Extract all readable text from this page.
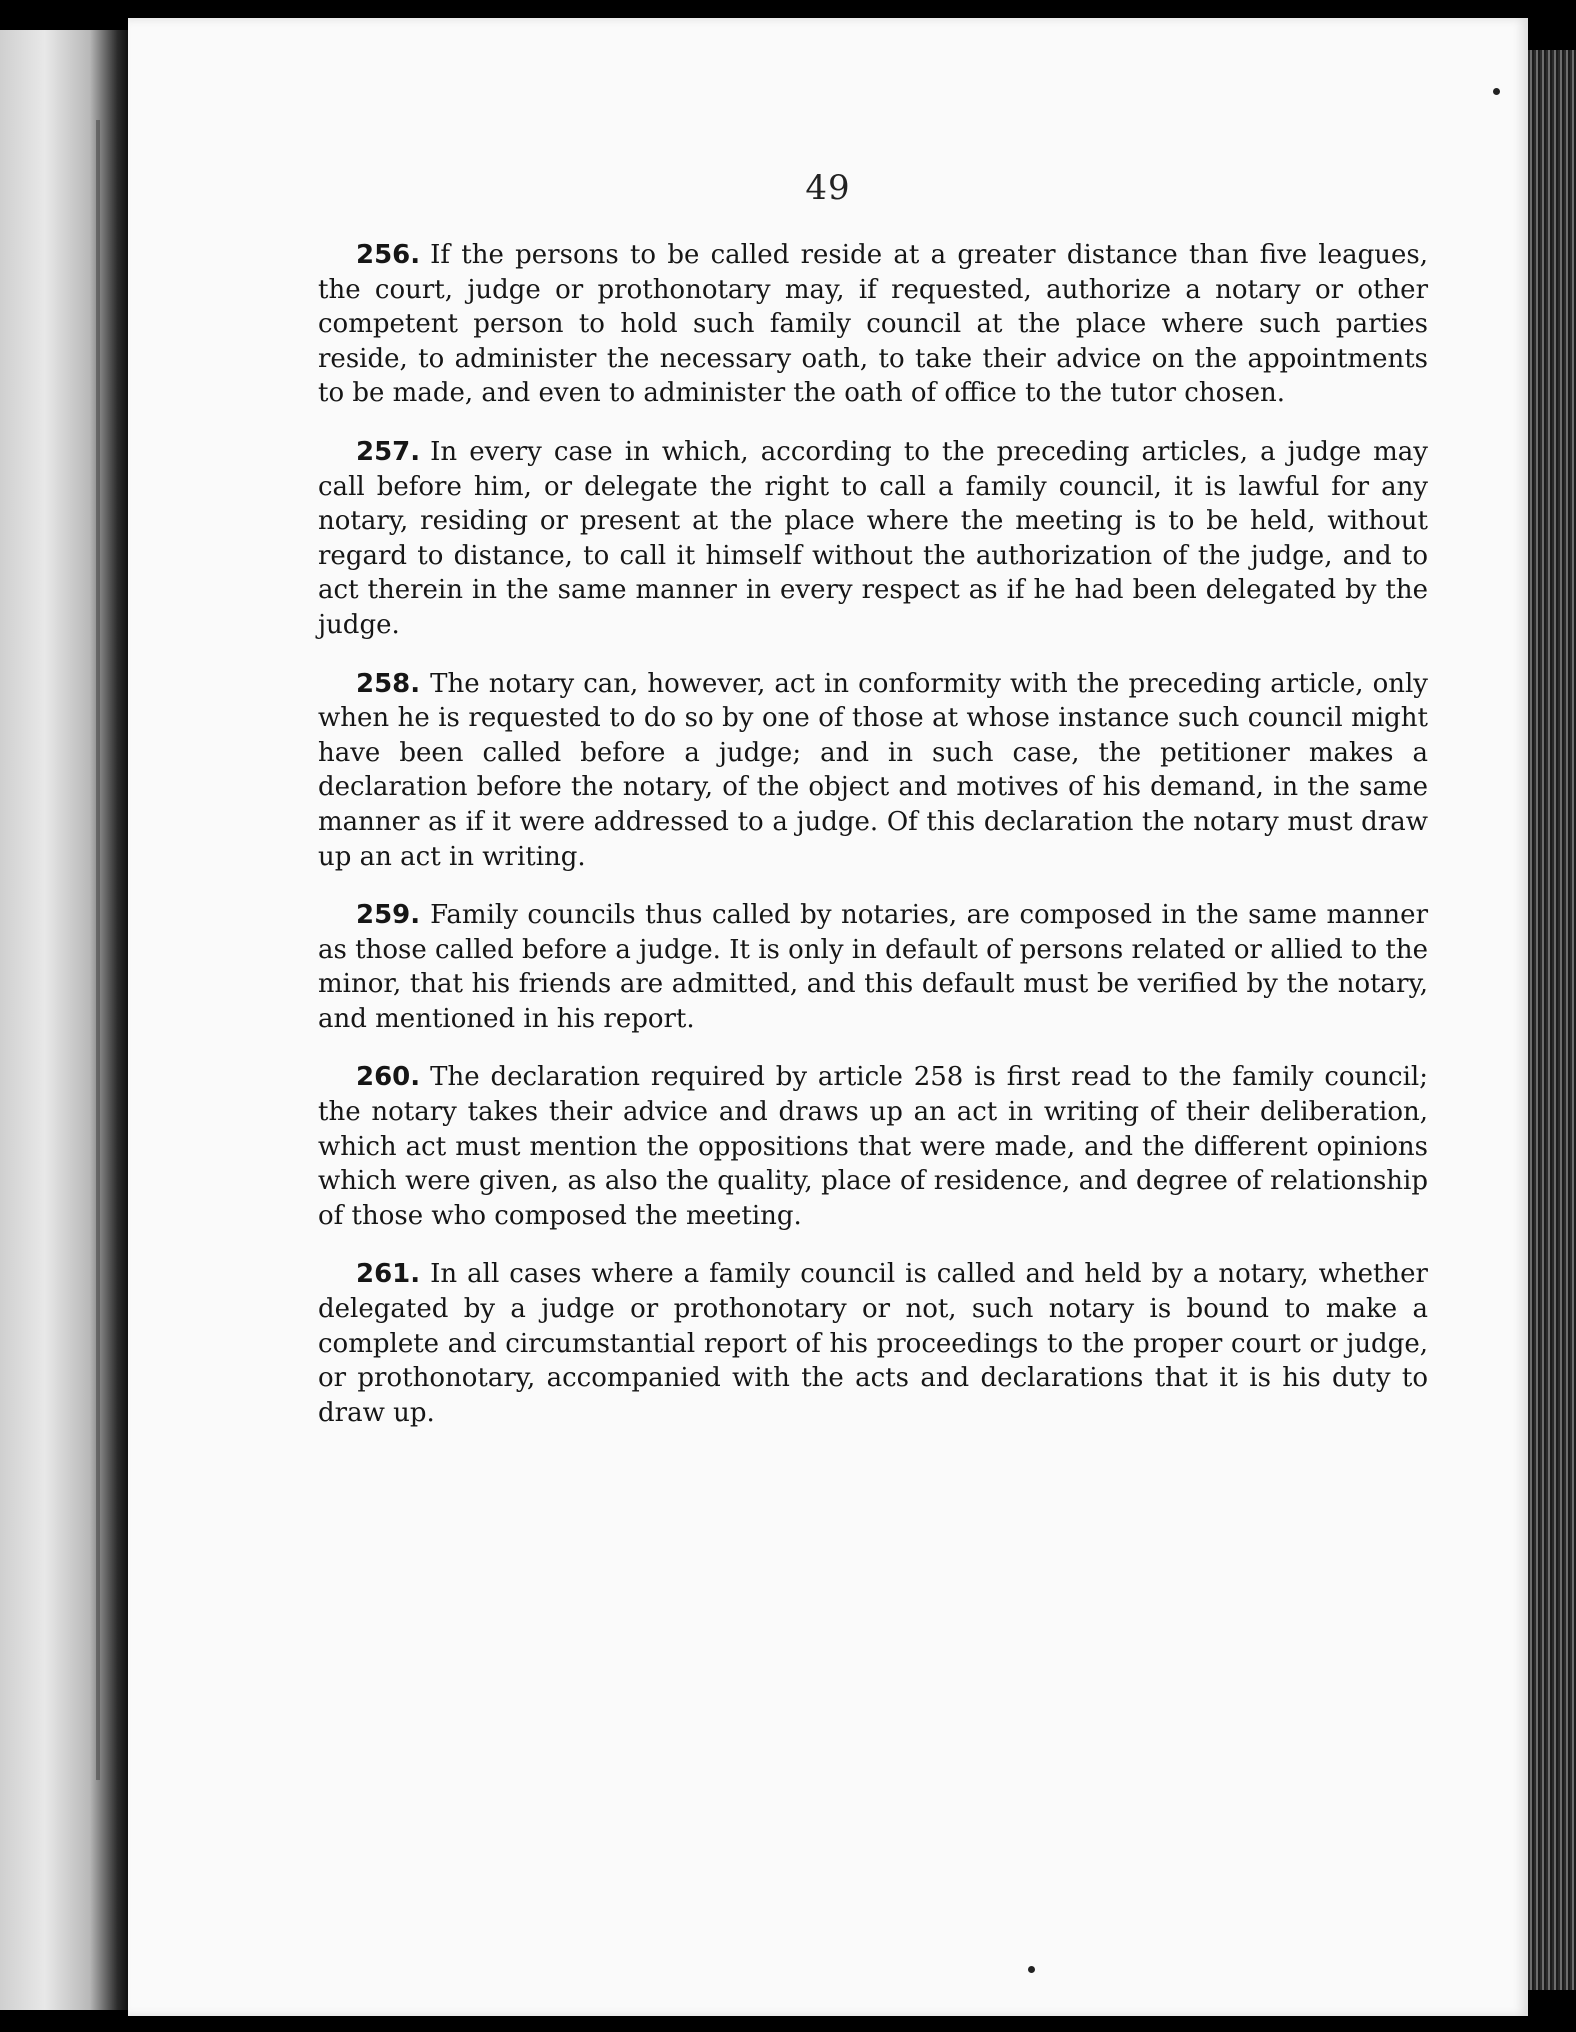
49

256. If the persons to be called reside at a greater distance than five leagues, the court, judge or prothonotary may, if requested, authorize a notary or other competent person to hold such family council at the place where such parties reside, to administer the necessary oath, to take their advice on the appointments to be made, and even to administer the oath of office to the tutor chosen.

257. In every case in which, according to the preceding articles, a judge may call before him, or delegate the right to call a family council, it is lawful for any notary, residing or present at the place where the meeting is to be held, without regard to distance, to call it himself without the authorization of the judge, and to act therein in the same manner in every respect as if he had been delegated by the judge.

258. The notary can, however, act in conformity with the preceding article, only when he is requested to do so by one of those at whose instance such council might have been called before a judge; and in such case, the petitioner makes a declaration before the notary, of the object and motives of his demand, in the same manner as if it were addressed to a judge. Of this declaration the notary must draw up an act in writing.

259. Family councils thus called by notaries, are composed in the same manner as those called before a judge. It is only in default of persons related or allied to the minor, that his friends are admitted, and this default must be verified by the notary, and mentioned in his report.

260. The declaration required by article 258 is first read to the family council; the notary takes their advice and draws up an act in writing of their deliberation, which act must mention the oppositions that were made, and the different opinions which were given, as also the quality, place of residence, and degree of relationship of those who composed the meeting.

261. In all cases where a family council is called and held by a notary, whether delegated by a judge or prothonotary or not, such notary is bound to make a complete and circumstantial report of his proceedings to the proper court or judge, or prothonotary, accompanied with the acts and declarations that it is his duty to draw up.
